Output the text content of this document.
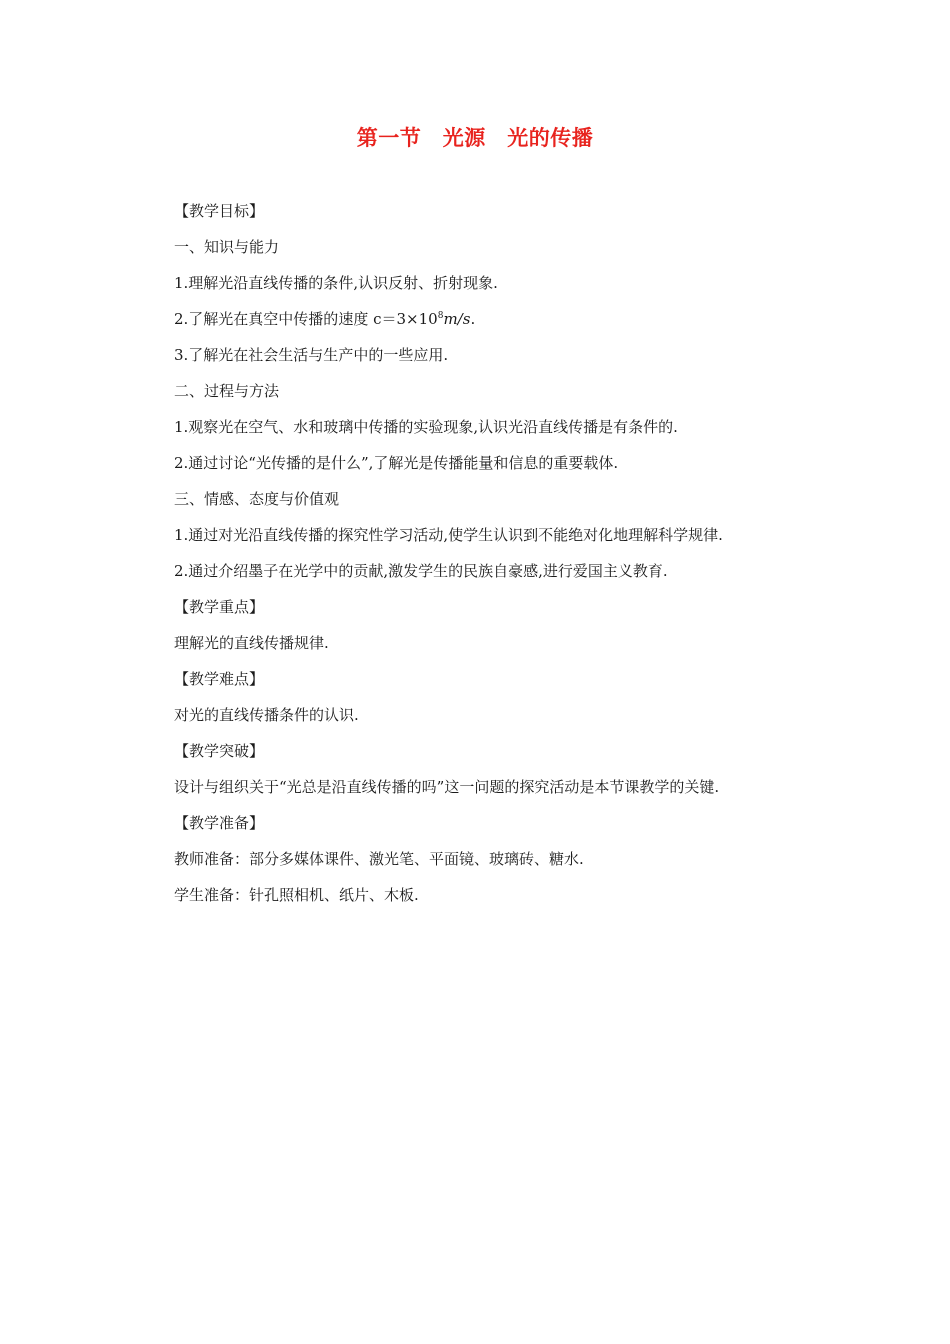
第一节　光源　光的传播
【教学目标】
一、知识与能力
1.理解光沿直线传播的条件,认识反射、折射现象.
2.了解光在真空中传播的速度 $c=3\times 10^8m/s$.
3.了解光在社会生活与生产中的一些应用.
二、过程与方法
1.观察光在空气、水和玻璃中传播的实验现象,认识光沿直线传播是有条件的.
2.通过讨论“光传播的是什么”,了解光是传播能量和信息的重要载体.
三、情感、态度与价值观
1.通过对光沿直线传播的探究性学习活动,使学生认识到不能绝对化地理解科学规律.
2.通过介绍墨子在光学中的贡献,激发学生的民族自豪感,进行爱国主义教育.
【教学重点】
理解光的直线传播规律.
【教学难点】
对光的直线传播条件的认识.
【教学突破】
设计与组织关于“光总是沿直线传播的吗”这一问题的探究活动是本节课教学的关键.
【教学准备】
教师准备：部分多媒体课件、激光笔、平面镜、玻璃砖、糖水.
学生准备：针孔照相机、纸片、木板.
